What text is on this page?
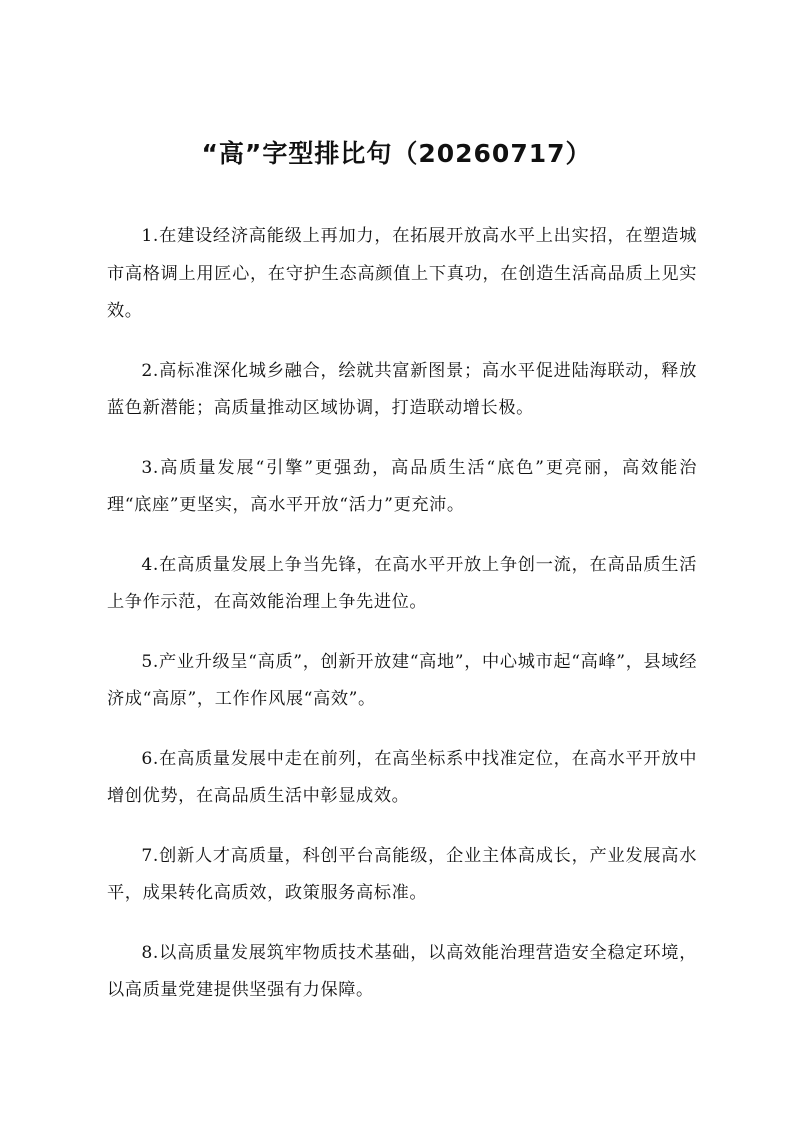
“高”字型排比句（20260717）

1.在建设经济高能级上再加力，在拓展开放高水平上出实招，在塑造城市高格调上用匠心，在守护生态高颜值上下真功，在创造生活高品质上见实效。

2.高标准深化城乡融合，绘就共富新图景；高水平促进陆海联动，释放蓝色新潜能；高质量推动区域协调，打造联动增长极。

3.高质量发展“引擎”更强劲，高品质生活“底色”更亮丽，高效能治理“底座”更坚实，高水平开放“活力”更充沛。

4.在高质量发展上争当先锋，在高水平开放上争创一流，在高品质生活上争作示范，在高效能治理上争先进位。

5.产业升级呈“高质”，创新开放建“高地”，中心城市起“高峰”，县域经济成“高原”，工作作风展“高效”。

6.在高质量发展中走在前列，在高坐标系中找准定位，在高水平开放中增创优势，在高品质生活中彰显成效。

7.创新人才高质量，科创平台高能级，企业主体高成长，产业发展高水平，成果转化高质效，政策服务高标准。

8.以高质量发展筑牢物质技术基础，以高效能治理营造安全稳定环境，以高质量党建提供坚强有力保障。
